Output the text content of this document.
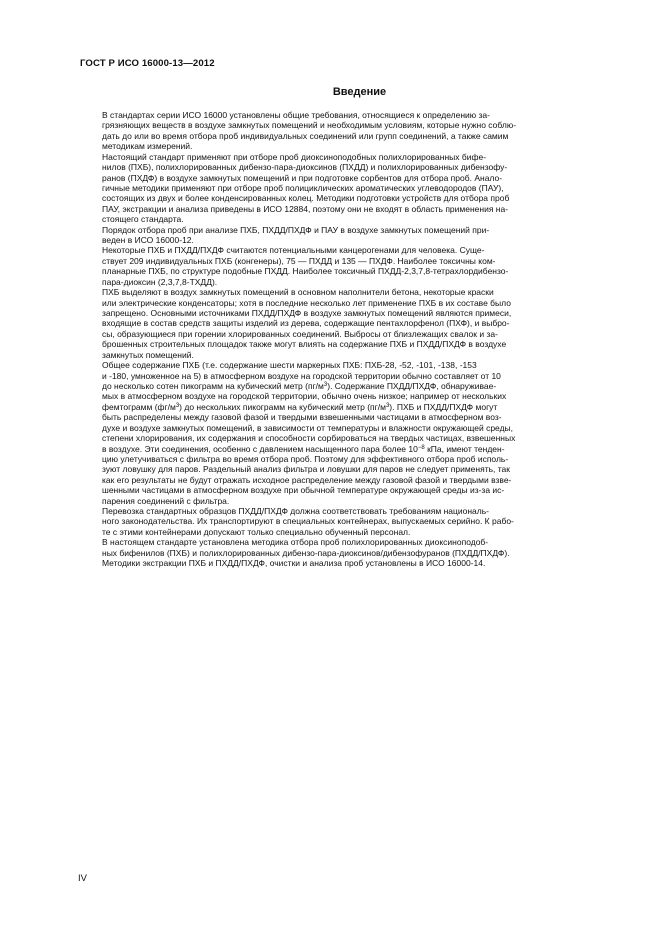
ГОСТ Р ИСО 16000-13—2012
Введение

В стандартах серии ИСО 16000 установлены общие требования, относящиеся к определению за-
грязняющих веществ в воздухе замкнутых помещений и необходимым условиям, которые нужно соблю-
дать до или во время отбора проб индивидуальных соединений или групп соединений, а также самим
методикам измерений.

Настоящий стандарт применяют при отборе проб диоксиноподобных полихлорированных бифе-
нилов (ПХБ), полихлорированных дибензо-пара-диоксинов (ПХДД) и полихлорированных дибензофу-
ранов (ПХДФ) в воздухе замкнутых помещений и при подготовке сорбентов для отбора проб. Анало-
гичные методики применяют при отборе проб полициклических ароматических углеводородов (ПАУ),
состоящих из двух и более конденсированных колец. Методики подготовки устройств для отбора проб
ПАУ, экстракции и анализа приведены в ИСО 12884, поэтому они не входят в область применения на-
стоящего стандарта.

Порядок отбора проб при анализе ПХБ, ПХДД/ПХДФ и ПАУ в воздухе замкнутых помещений при-
веден в ИСО 16000-12.

Некоторые ПХБ и ПХДД/ПХДФ считаются потенциальными канцерогенами для человека. Суще-
ствует 209 индивидуальных ПХБ (конгенеры), 75 — ПХДД и 135 — ПХДФ. Наиболее токсичны ком-
планарные ПХБ, по структуре подобные ПХДД. Наиболее токсичный ПХДД-2,3,7,8-тетрахлордибензо-
пара-диоксин (2,3,7,8-ТХДД).

ПХБ выделяют в воздух замкнутых помещений в основном наполнители бетона, некоторые краски
или электрические конденсаторы; хотя в последние несколько лет применение ПХБ в их составе было
запрещено. Основными источниками ПХДД/ПХДФ в воздухе замкнутых помещений являются примеси,
входящие в состав средств защиты изделий из дерева, содержащие пентахлорфенол (ПХФ), и выбро-
сы, образующиеся при горении хлорированных соединений. Выбросы от близлежащих свалок и за-
брошенных строительных площадок также могут влиять на содержание ПХБ и ПХДД/ПХДФ в воздухе
замкнутых помещений.

Общее содержание ПХБ (т.е. содержание шести маркерных ПХБ: ПХБ-28, -52, -101, -138, -153
и -180, умноженное на 5) в атмосферном воздухе на городской территории обычно составляет от 10
до несколько сотен пикограмм на кубический метр $(пг/м^3)$. Содержание ПХДД/ПХДФ, обнаруживае-
мых в атмосферном воздухе на городской территории, обычно очень низкое; например от нескольких
фемтограмм $(фг/м^3)$ до нескольких пикограмм на кубический метр $(пг/м^3)$. ПХБ и ПХДД/ПХДФ могут
быть распределены между газовой фазой и твердыми взвешенными частицами в атмосферном воз-
духе и воздухе замкнутых помещений, в зависимости от температуры и влажности окружающей среды,
степени хлорирования, их содержания и способности сорбироваться на твердых частицах, взвешенных
в воздухе. Эти соединения, особенно с давлением насыщенного пара более $10^{-8}$ кПа, имеют тенден-
цию улетучиваться с фильтра во время отбора проб. Поэтому для эффективного отбора проб исполь-
зуют ловушку для паров. Раздельный анализ фильтра и ловушки для паров не следует применять, так
как его результаты не будут отражать исходное распределение между газовой фазой и твердыми взве-
шенными частицами в атмосферном воздухе при обычной температуре окружающей среды из-за ис-
парения соединений с фильтра.

Перевозка стандартных образцов ПХДД/ПХДФ должна соответствовать требованиям националь-
ного законодательства. Их транспортируют в специальных контейнерах, выпускаемых серийно. К рабо-
те с этими контейнерами допускают только специально обученный персонал.

В настоящем стандарте установлена методика отбора проб полихлорированных диоксиноподоб-
ных бифенилов (ПХБ) и полихлорированных дибензо-пара-диоксинов/дибензофуранов (ПХДД/ПХДФ).
Методики экстракции ПХБ и ПХДД/ПХДФ, очистки и анализа проб установлены в ИСО 16000-14.

IV
